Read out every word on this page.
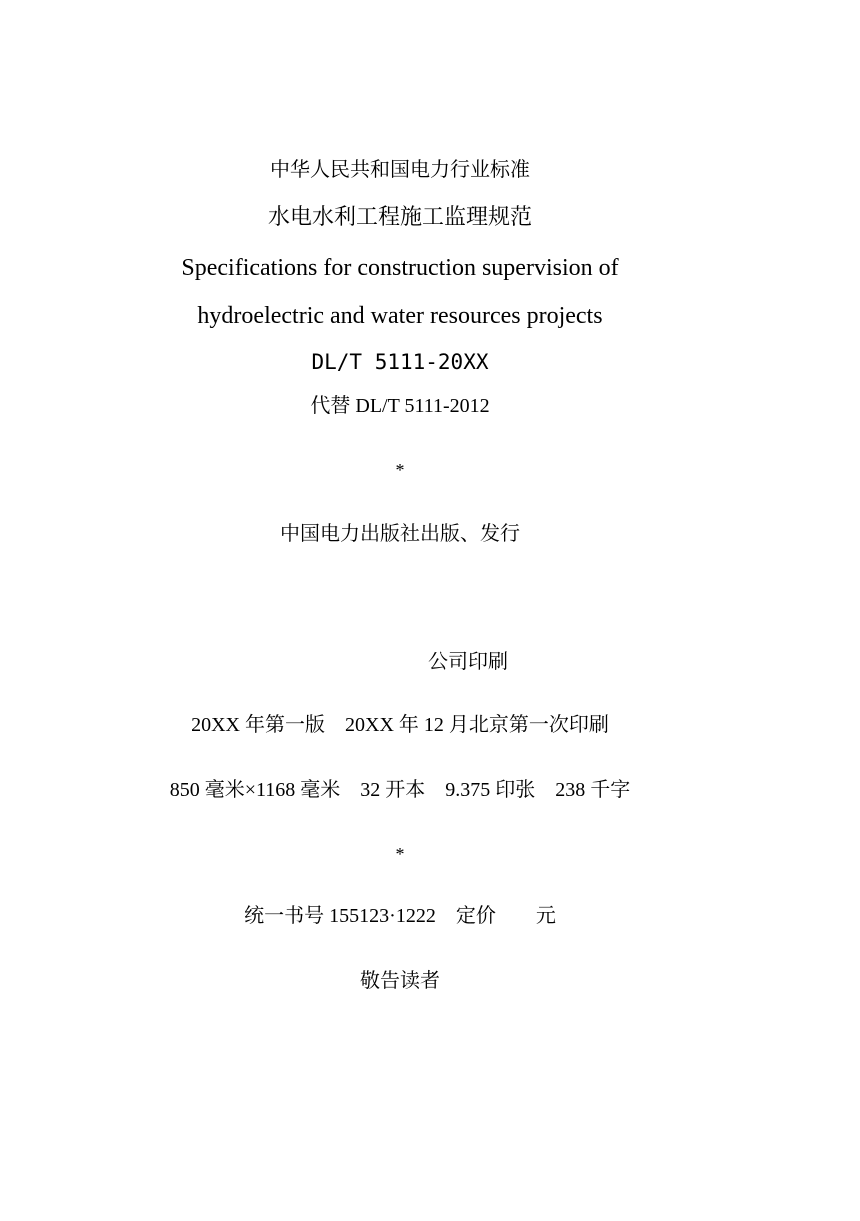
中华人民共和国电力行业标准
水电水利工程施工监理规范
Specifications for construction supervision of
hydroelectric and water resources projects
DL/T 5111-20XX
代替 DL/T 5111-2012
*
中国电力出版社出版、发行
公司印刷
20XX 年第一版 20XX 年 12 月北京第一次印刷
850 毫米×1168 毫米 32 开本 9.375 印张 238 千字
*
统一书号 155123·1222 定价 元
敬告读者
